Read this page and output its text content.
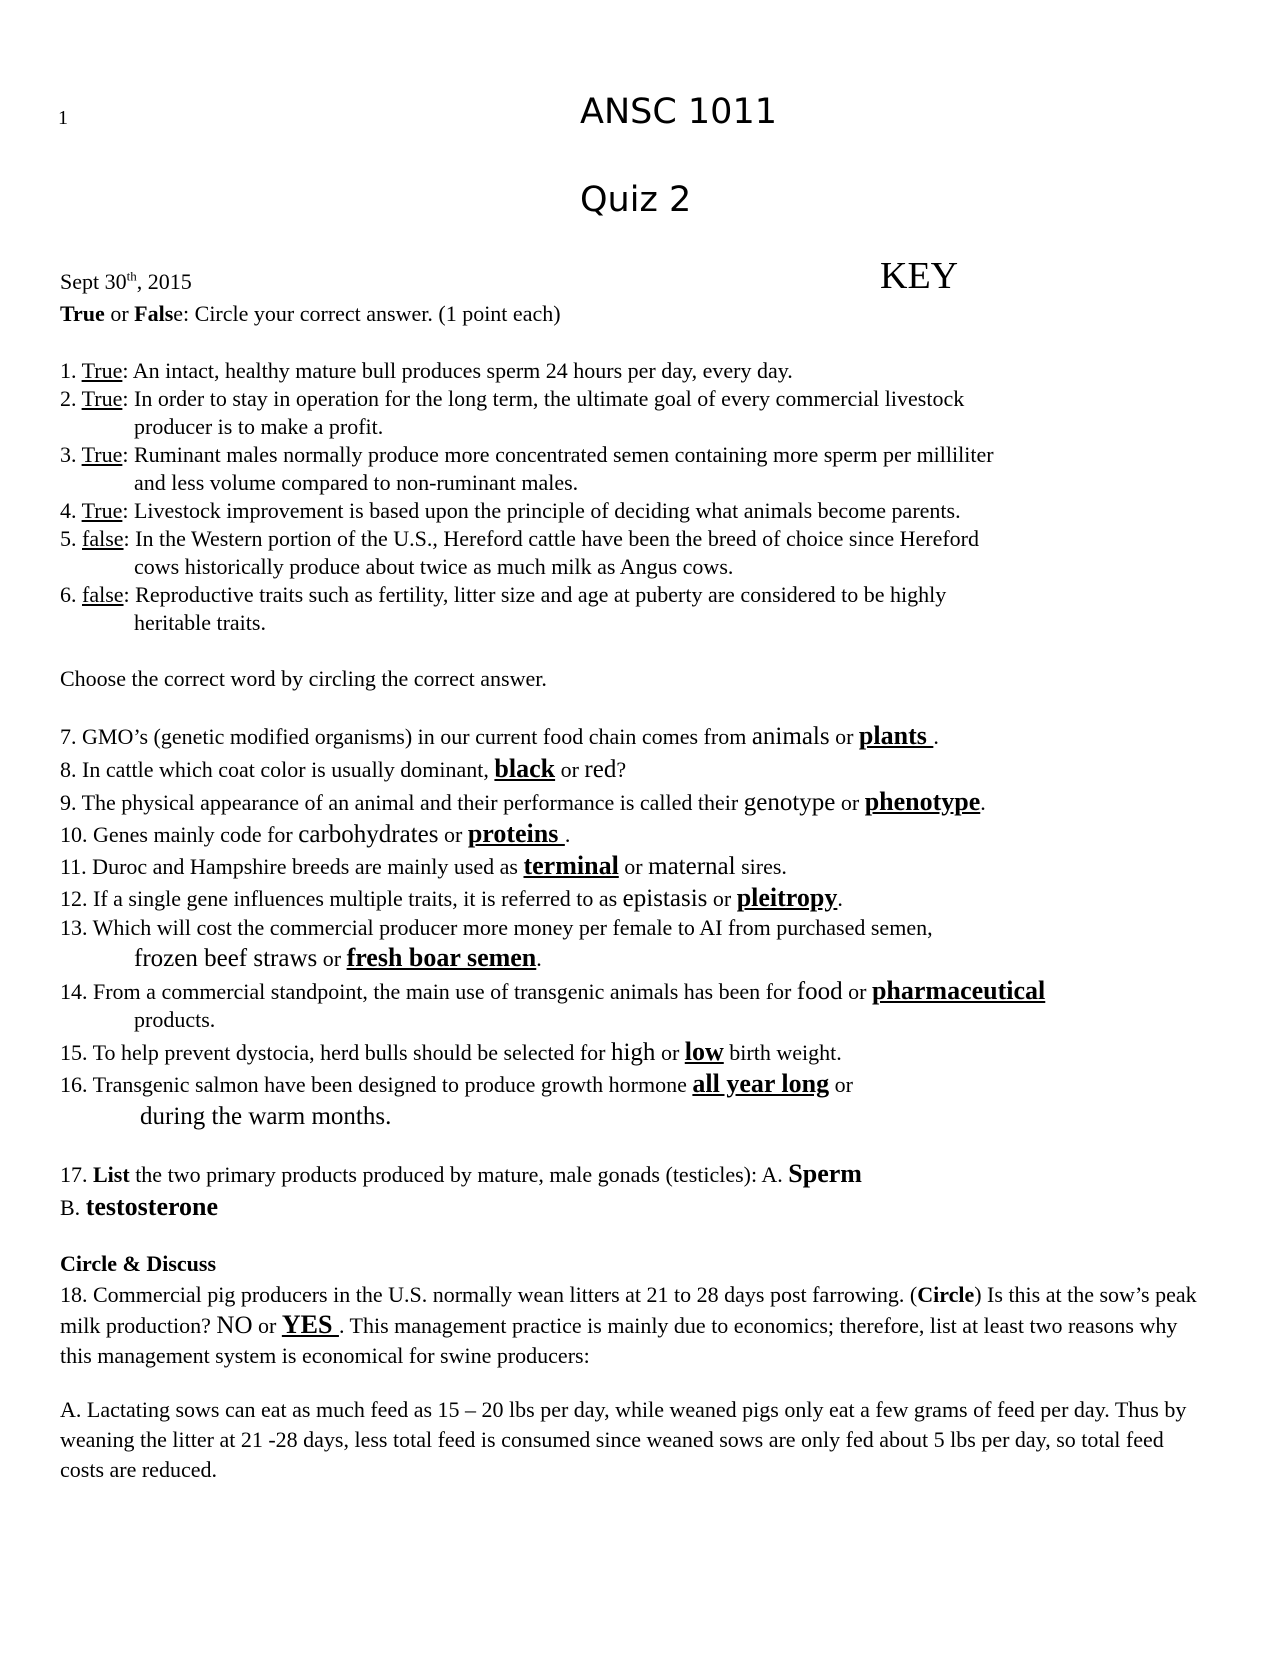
1	ANSC 1011
Quiz 2
Sept 30th, 2015	KEY
True or False: Circle your correct answer. (1 point each)
1. True: An intact, healthy mature bull produces sperm 24 hours per day, every day.
2. True: In order to stay in operation for the long term, the ultimate goal of every commercial livestock
producer is to make a profit.
3. True: Ruminant males normally produce more concentrated semen containing more sperm per milliliter
and less volume compared to non-ruminant males.
4. True: Livestock improvement is based upon the principle of deciding what animals become parents.
5. false: In the Western portion of the U.S., Hereford cattle have been the breed of choice since Hereford
cows historically produce about twice as much milk as Angus cows.
6. false: Reproductive traits such as fertility, litter size and age at puberty are considered to be highly
heritable traits.
Choose the correct word by circling the correct answer.
7. GMO’s (genetic modified organisms) in our current food chain comes from animals or plants .
8. In cattle which coat color is usually dominant, black or red?
9. The physical appearance of an animal and their performance is called their genotype or phenotype.
10. Genes mainly code for carbohydrates or proteins .
11. Duroc and Hampshire breeds are mainly used as terminal or maternal sires.
12. If a single gene influences multiple traits, it is referred to as epistasis or pleitropy.
13. Which will cost the commercial producer more money per female to AI from purchased semen,
frozen beef straws or fresh boar semen.
14. From a commercial standpoint, the main use of transgenic animals has been for food or pharmaceutical
products.
15. To help prevent dystocia, herd bulls should be selected for high or low birth weight.
16. Transgenic salmon have been designed to produce growth hormone all year long or
during the warm months.
17. List the two primary products produced by mature, male gonads (testicles): A. Sperm
B. testosterone
Circle & Discuss
18. Commercial pig producers in the U.S. normally wean litters at 21 to 28 days post farrowing. (Circle) Is this at the sow’s peak milk production? NO or YES . This management practice is mainly due to economics; therefore, list at least two reasons why this management system is economical for swine producers:
A. Lactating sows can eat as much feed as 15 – 20 lbs per day, while weaned pigs only eat a few grams of feed per day. Thus by weaning the litter at 21 -28 days, less total feed is consumed since weaned sows are only fed about 5 lbs per day, so total feed costs are reduced.
